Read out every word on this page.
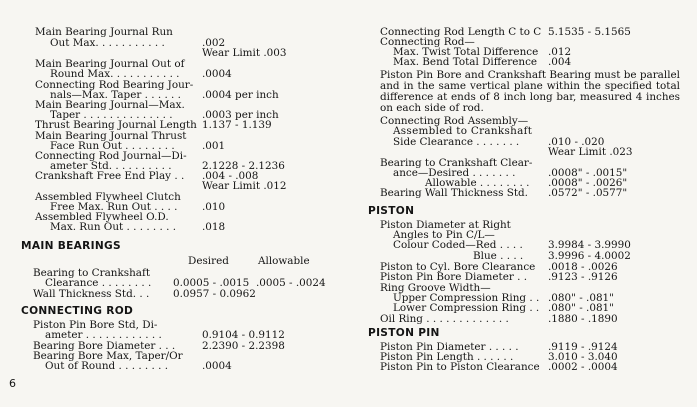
Main Bearing Journal Run
Out Max. . . . . . . . . . .	.002
Wear Limit .003
Main Bearing Journal Out of
Round Max. . . . . . . . . . . .0004
Connecting Rod Bearing Jour-
nals—Max. Taper . . . . . . .0004 per inch
Main Bearing Journal—Max.
Taper . . . . . . . . . . . . . .	.0003 per inch
Thrust Bearing Journal Length 1.137 - 1.139
Main Bearing Journal Thrust
Face Run Out . . . . . . . .	.001
Connecting Rod Journal—Di-
ameter Std. . . . . . . . . .	2.1228 - 2.1236
Crankshaft Free End Play . . .004 - .008
Wear Limit .012
Assembled Flywheel Clutch
Free Max. Run Out . . . . .010
Assembled Flywheel O.D.
Max. Run Out . . . . . . . . .018
MAIN BEARINGS
Desired	Allowable
Bearing to Crankshaft
Clearance . . . . . . . . 0.0005 - .0015 .0005 - .0024
Wall Thickness Std. . . 0.0957 - 0.0962
CONNECTING ROD
Piston Pin Bore Std, Di-
ameter . . . . . . . . . . . .	0.9104 - 0.9112
Bearing Bore Diameter . . .	2.2390 - 2.2398
Bearing Bore Max, Taper/Or
Out of Round . . . . . . . .	.0004
6
Connecting Rod Length C to C 5.1535 - 5.1565
Connecting Rod—
Max. Twist Total Difference .012
Max. Bend Total Difference .004
Piston Pin Bore and Crankshaft Bearing must be parallel and in the same vertical plane within the specified total difference at ends of 8 inch long bar, measured 4 inches on each side of rod.
Connecting Rod Assembly—
Assembled to Crankshaft
Side Clearance . . . . . . .	.010 - .020
Wear Limit .023
Bearing to Crankshaft Clear-
ance—Desired . . . . . . .	.0008" - .0015"
Allowable . . . . . . . . .0008" - .0026"
Bearing Wall Thickness Std. .0572" - .0577"
PISTON
Piston Diameter at Right
Angles to Pin C/L—
Colour Coded—Red . . . . 3.9984 - 3.9990
Blue . . . . 3.9996 - 4.0002
Piston to Cyl. Bore Clearance .0018 - .0026
Piston Pin Bore Diameter . . .9123 - .9126
Ring Groove Width—
Upper Compression Ring . . .080" - .081"
Lower Compression Ring . . .080" - .081"
Oil Ring . . . . . . . . . . . . .	.1880 - .1890
PISTON PIN
Piston Pin Diameter . . . . .	.9119 - .9124
Piston Pin Length . . . . . .	3.010 - 3.040
Piston Pin to Piston Clearance .0002 - .0004
